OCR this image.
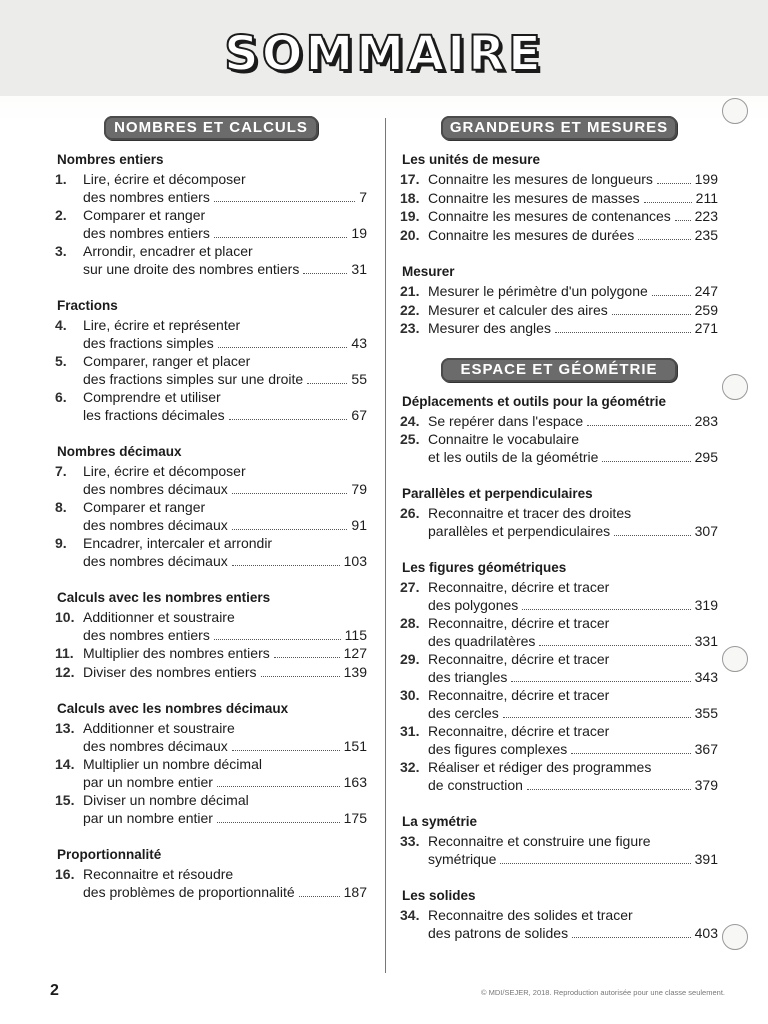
SOMMAIRE
NOMBRES ET CALCULS
Nombres entiers
1.	Lire, écrire et décomposer
des nombres entiers	7
2.	Comparer et ranger
des nombres entiers	19
3.	Arrondir, encadrer et placer
sur une droite des nombres entiers	31
Fractions
4.	Lire, écrire et représenter
des fractions simples	43
5.	Comparer, ranger et placer
des fractions simples sur une droite	55
6.	Comprendre et utiliser
les fractions décimales	67
Nombres décimaux
7.	Lire, écrire et décomposer
des nombres décimaux	79
8.	Comparer et ranger
des nombres décimaux	91
9.	Encadrer, intercaler et arrondir
des nombres décimaux	103
Calculs avec les nombres entiers
10. Additionner et soustraire
des nombres entiers	115
11. Multiplier des nombres entiers	127
12. Diviser des nombres entiers	139
Calculs avec les nombres décimaux
13. Additionner et soustraire
des nombres décimaux	151
14. Multiplier un nombre décimal
par un nombre entier	163
15. Diviser un nombre décimal
par un nombre entier	175
Proportionnalité
16. Reconnaitre et résoudre
des problèmes de proportionnalité	187
GRANDEURS ET MESURES
Les unités de mesure
17. Connaitre les mesures de longueurs	199
18. Connaitre les mesures de masses	211
19. Connaitre les mesures de contenances 223
20. Connaitre les mesures de durées	235
Mesurer
21. Mesurer le périmètre d'un polygone	247
22. Mesurer et calculer des aires	259
23. Mesurer des angles	271
ESPACE ET GÉOMÉTRIE
Déplacements et outils pour la géométrie
24. Se repérer dans l'espace	283
25. Connaitre le vocabulaire
et les outils de la géométrie	295
Parallèles et perpendiculaires
26. Reconnaitre et tracer des droites
parallèles et perpendiculaires	307
Les figures géométriques
27. Reconnaitre, décrire et tracer
des polygones	319
28. Reconnaitre, décrire et tracer
des quadrilatères	331
29. Reconnaitre, décrire et tracer
des triangles	343
30. Reconnaitre, décrire et tracer
des cercles	355
31. Reconnaitre, décrire et tracer
des figures complexes	367
32. Réaliser et rédiger des programmes
de construction	379
La symétrie
33. Reconnaitre et construire une figure
symétrique	391
Les solides
34. Reconnaitre des solides et tracer
des patrons de solides	403
2	© MDI/SEJER, 2018. Reproduction autorisée pour une classe seulement.
